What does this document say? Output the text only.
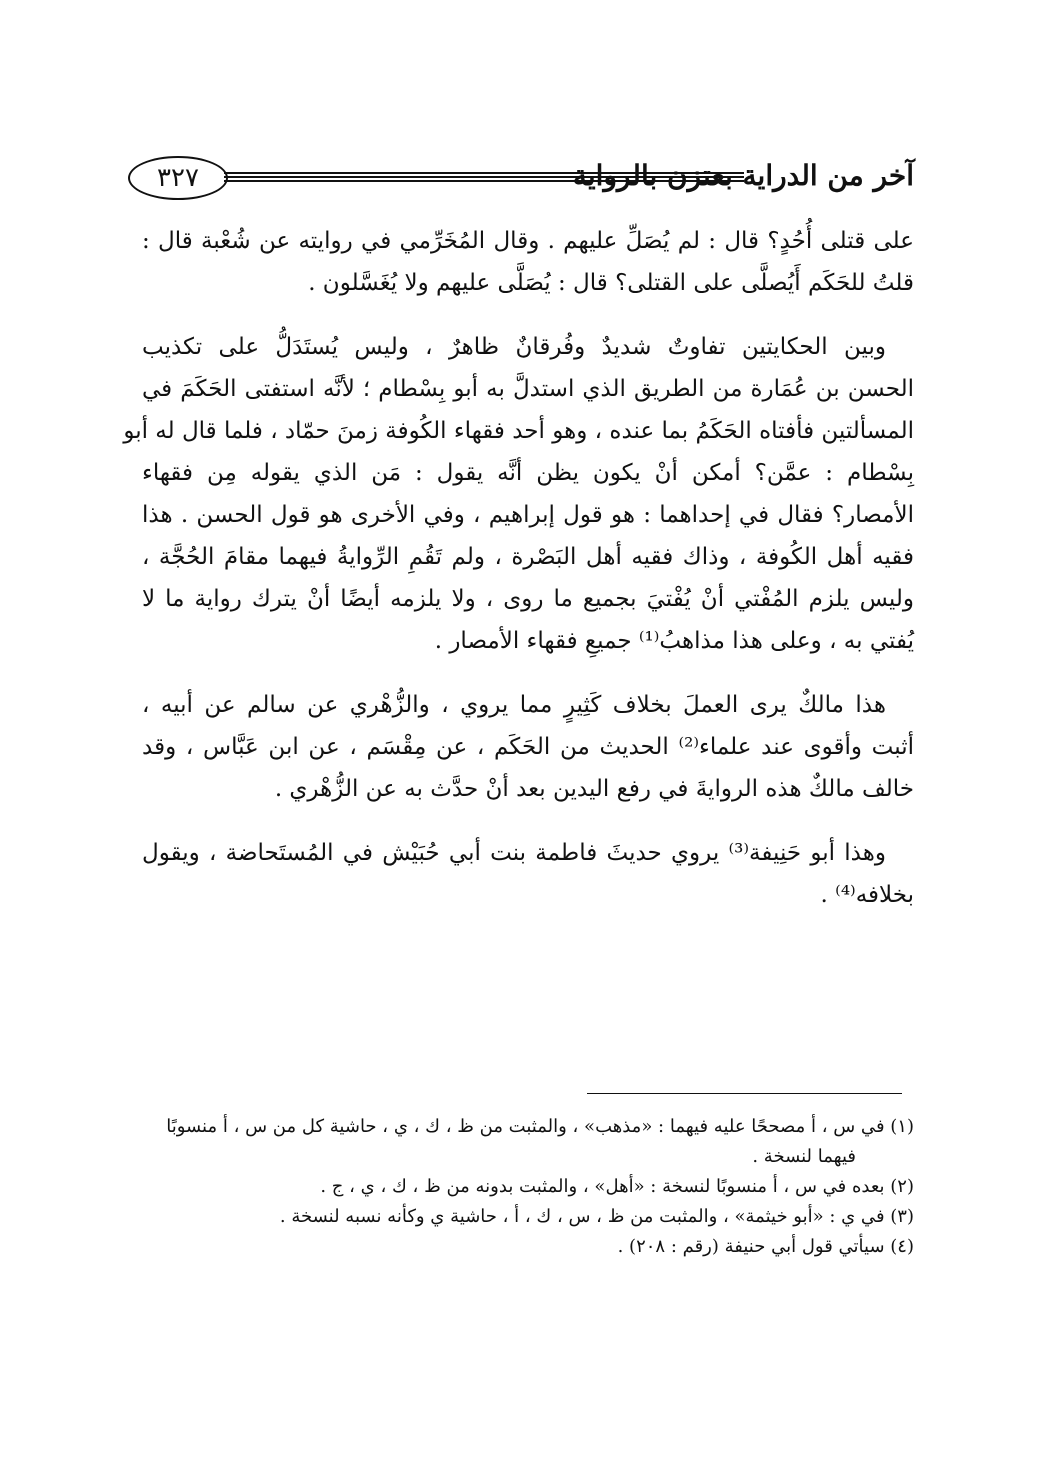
٣٢٧	آخر من الدراية بعتزن بالرواية
على قتلى أُحُدٍ؟ قال : لم يُصَلِّ عليهم . وقال المُخَرِّمي في روايته عن شُعْبة قال :
قلتُ للحَكَم أَيُصلَّى على القتلى؟ قال : يُصَلَّى عليهم ولا يُغَسَّلون .
وبين الحكايتين تفاوتٌ شديدٌ وفُرقانٌ ظاهرٌ ، وليس يُستَدَلُّ على تكذيب
الحسن بن عُمَارة من الطريق الذي استدلَّ به أبو بِسْطام ؛ لأنَّه استفتى الحَكَمَ في
المسألتين فأفتاه الحَكَمُ بما عنده ، وهو أحد فقهاء الكُوفة زمنَ حمّاد ، فلما قال له أبو
بِسْطام : عمَّن؟ أمكن أنْ يكون يظن أنَّه يقول : مَن الذي يقوله مِن فقهاء
الأمصار؟ فقال في إحداهما : هو قول إبراهيم ، وفي الأخرى هو قول الحسن . هذا
فقيه أهل الكُوفة ، وذاك فقيه أهل البَصْرة ، ولم تَقُمِ الرِّوايةُ فيهما مقامَ الحُجَّة ،
وليس يلزم المُفْتي أنْ يُفْتيَ بجميع ما روى ، ولا يلزمه أيضًا أنْ يترك رواية ما لا
يُفتي به ، وعلى هذا مذاهبُ⁽¹⁾ جميعِ فقهاء الأمصار .
هذا مالكٌ يرى العملَ بخلاف كَثِيرٍ مما يروي ، والزُّهْري عن سالم عن أبيه ،
أثبت وأقوى عند علماء⁽²⁾ الحديث من الحَكَم ، عن مِقْسَم ، عن ابن عَبَّاس ، وقد
خالف مالكٌ هذه الروايةَ في رفع اليدين بعد أنْ حدَّث به عن الزُّهْري .
وهذا أبو حَنِيفة⁽³⁾ يروي حديثَ فاطمة بنت أبي حُبَيْش في المُستَحاضة ، ويقول
بخلافه⁽⁴⁾ .
(١) في س ، أ مصححًا عليه فيهما : «مذهب» ، والمثبت من ظ ، ك ، ي ، حاشية كل من س ، أ منسوبًا
فيهما لنسخة .
(٢) بعده في س ، أ منسوبًا لنسخة : «أهل» ، والمثبت بدونه من ظ ، ك ، ي ، ج .
(٣) في ي : «أبو خيثمة» ، والمثبت من ظ ، س ، ك ، أ ، حاشية ي وكأنه نسبه لنسخة .
(٤) سيأتي قول أبي حنيفة (رقم : ٢٠٨) .
